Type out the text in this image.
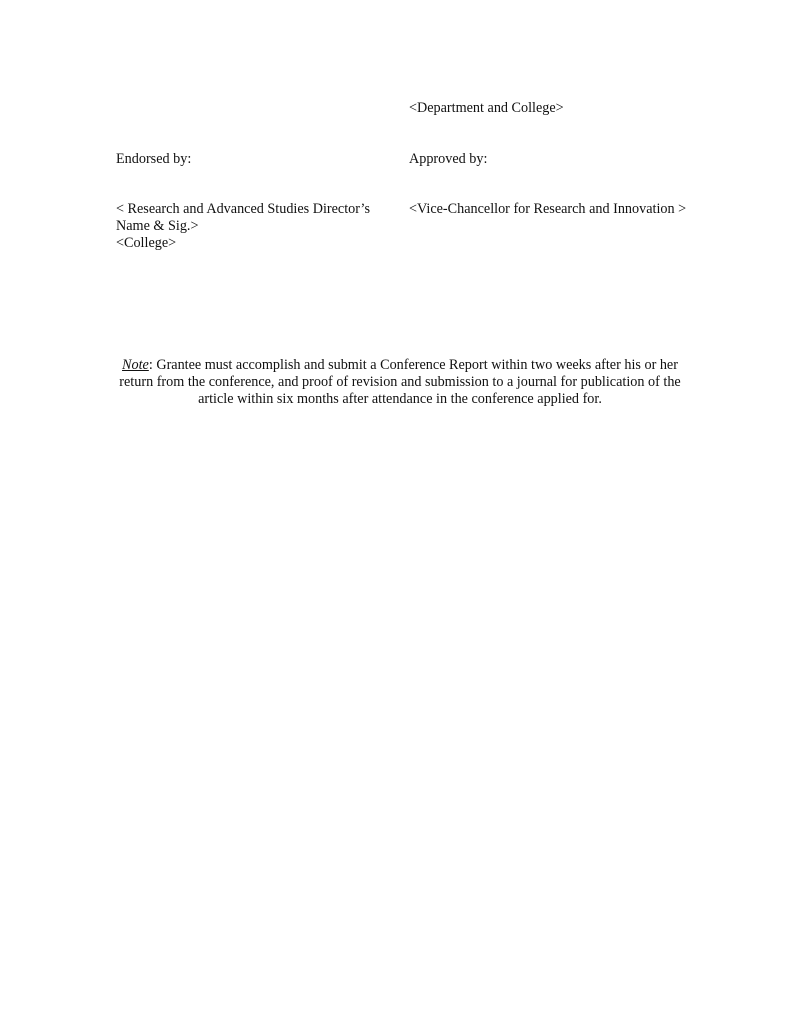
<Department and College>
Endorsed by:	Approved by:
< Research and Advanced Studies Director’s
Name & Sig.>
<College>
<Vice-Chancellor for Research and Innovation >
Note: Grantee must accomplish and submit a Conference Report within two weeks after his or her
return from the conference, and proof of revision and submission to a journal for publication of the
article within six months after attendance in the conference applied for.
